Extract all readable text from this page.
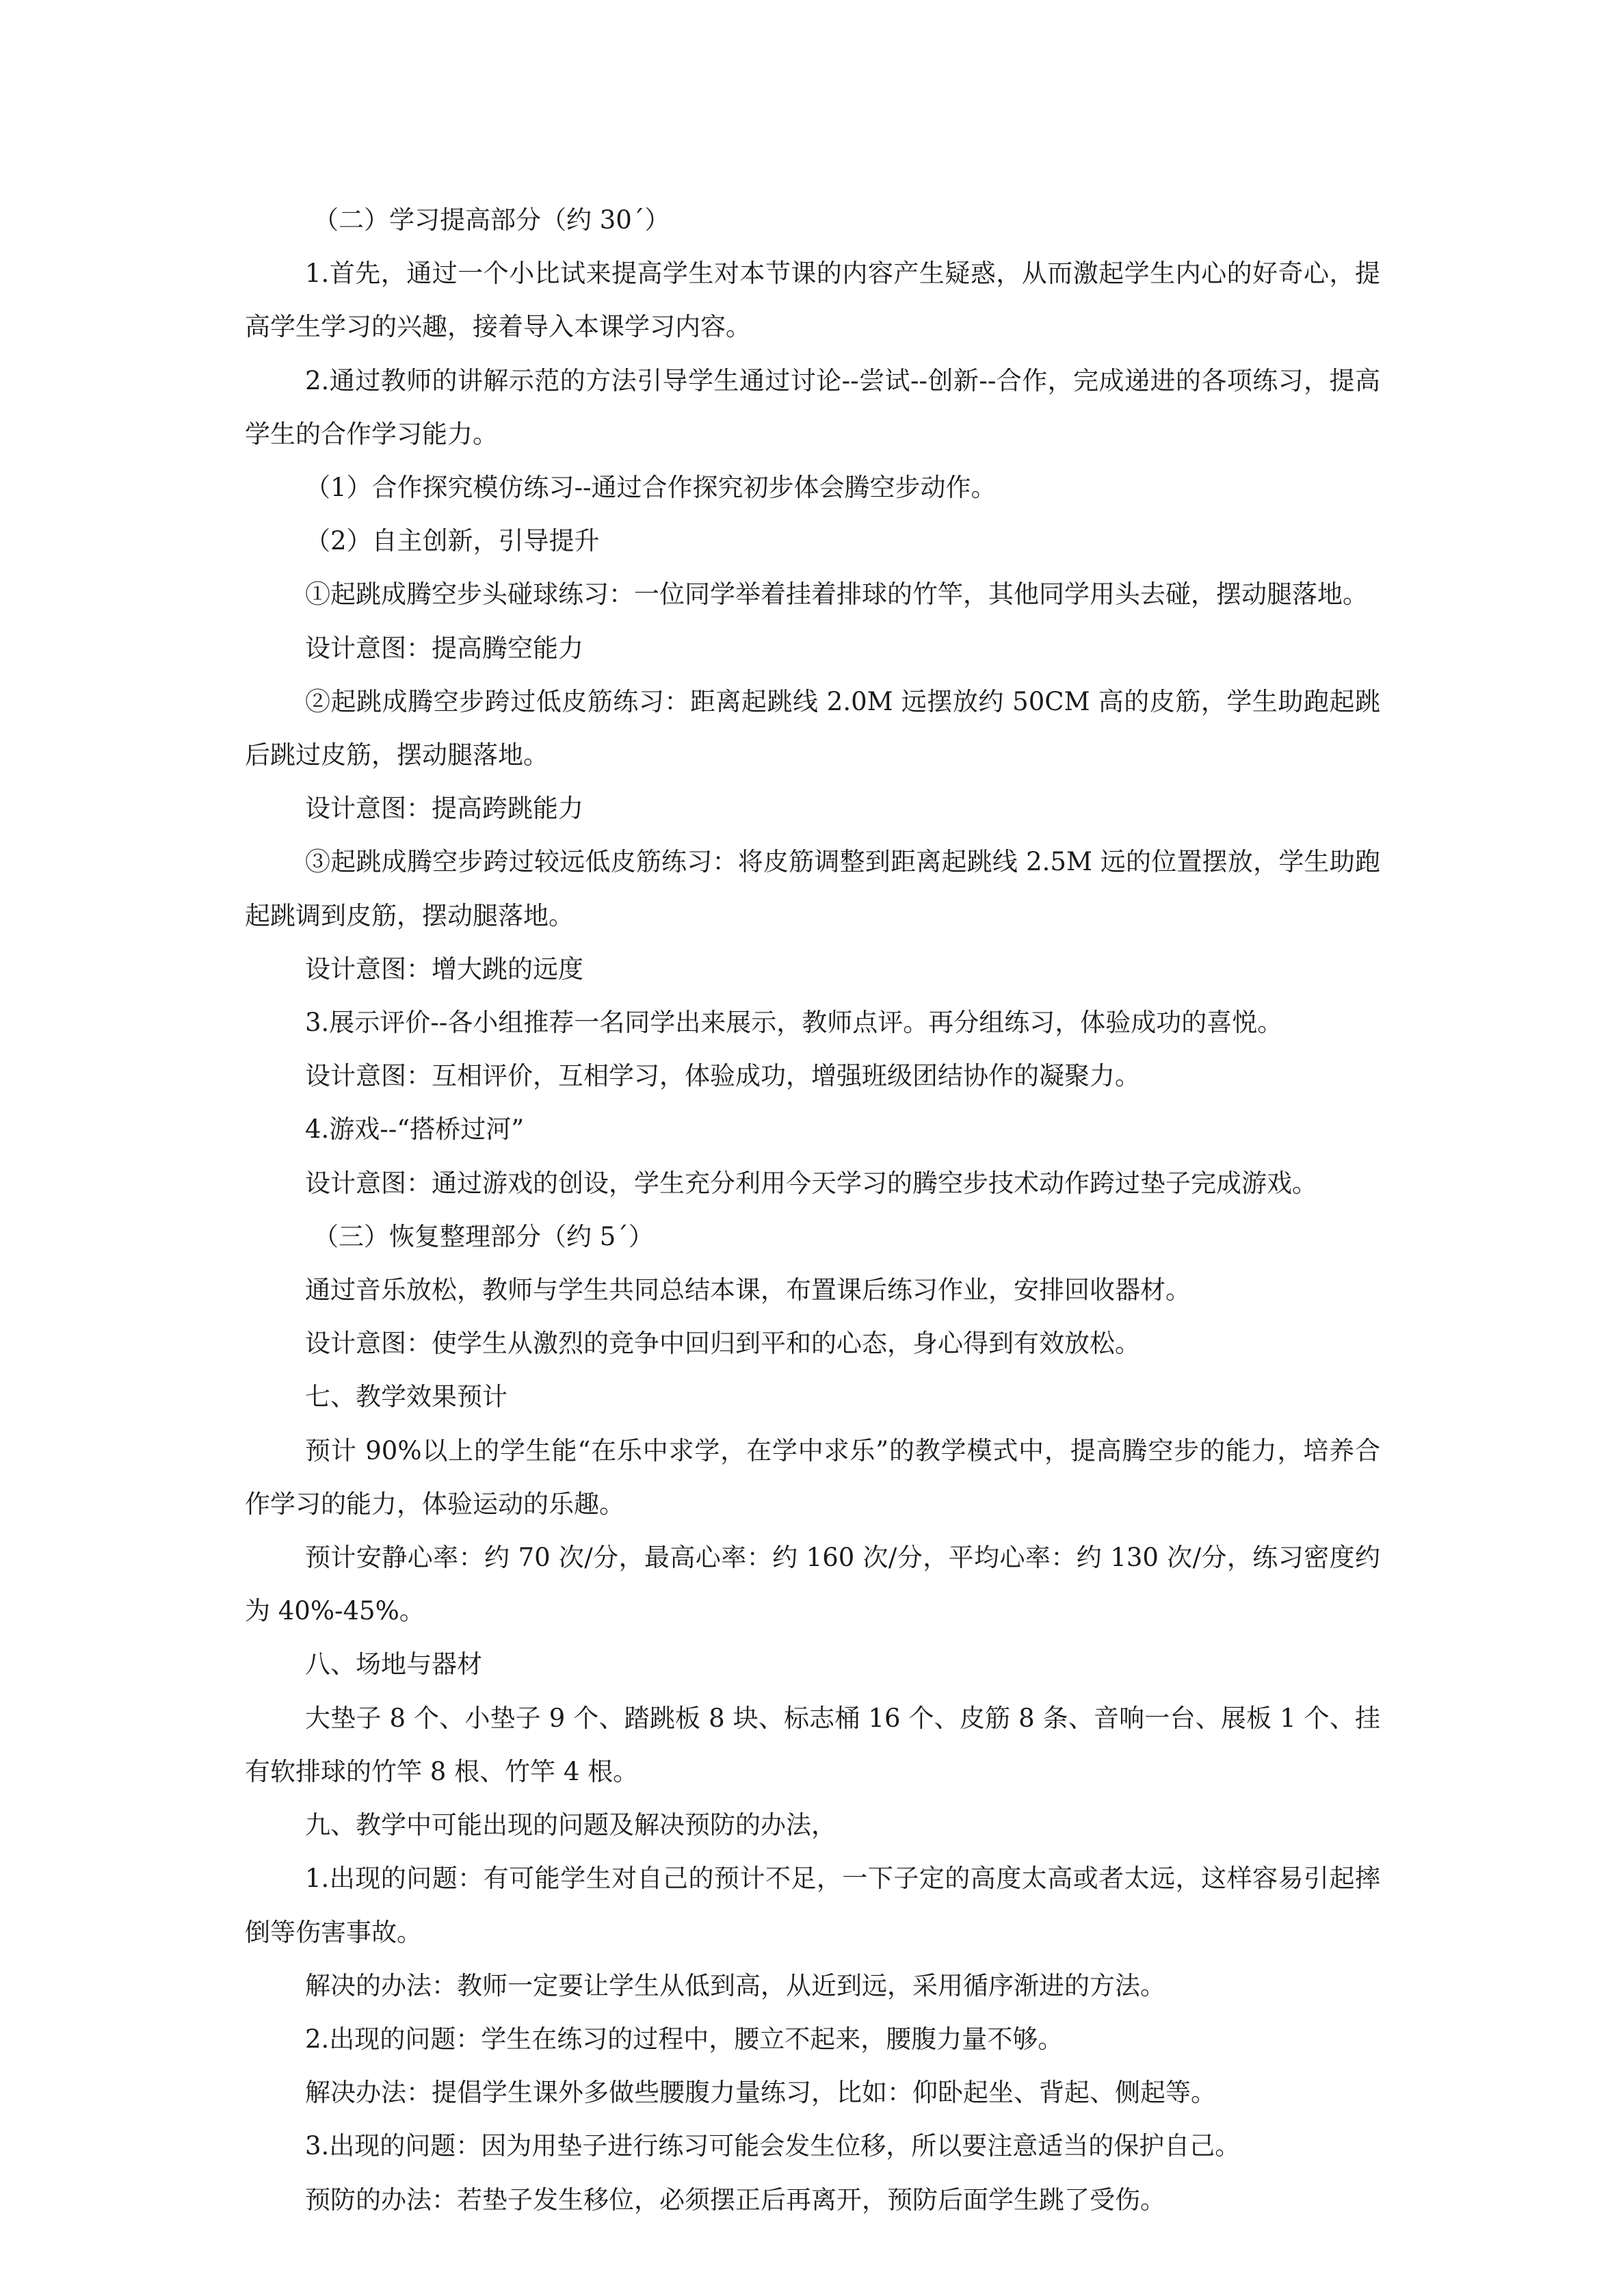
（二）学习提高部分（约 30´）

1.首先，通过一个小比试来提高学生对本节课的内容产生疑惑，从而激起学生内心的好奇心，提高学生学习的兴趣，接着导入本课学习内容。

2.通过教师的讲解示范的方法引导学生通过讨论--尝试--创新--合作，完成递进的各项练习，提高学生的合作学习能力。

（1）合作探究模仿练习--通过合作探究初步体会腾空步动作。

（2）自主创新，引导提升

①起跳成腾空步头碰球练习：一位同学举着挂着排球的竹竿，其他同学用头去碰，摆动腿落地。

设计意图：提高腾空能力

②起跳成腾空步跨过低皮筋练习：距离起跳线 2.0M 远摆放约 50CM 高的皮筋，学生助跑起跳后跳过皮筋，摆动腿落地。

设计意图：提高跨跳能力

③起跳成腾空步跨过较远低皮筋练习：将皮筋调整到距离起跳线 2.5M 远的位置摆放，学生助跑起跳调到皮筋，摆动腿落地。

设计意图：增大跳的远度

3.展示评价--各小组推荐一名同学出来展示，教师点评。再分组练习，体验成功的喜悦。

设计意图：互相评价，互相学习，体验成功，增强班级团结协作的凝聚力。

4.游戏--“搭桥过河”

设计意图：通过游戏的创设，学生充分利用今天学习的腾空步技术动作跨过垫子完成游戏。

（三）恢复整理部分（约 5´）

通过音乐放松，教师与学生共同总结本课，布置课后练习作业，安排回收器材。

设计意图：使学生从激烈的竞争中回归到平和的心态，身心得到有效放松。

七、教学效果预计

预计 90%以上的学生能“在乐中求学，在学中求乐”的教学模式中，提高腾空步的能力，培养合作学习的能力，体验运动的乐趣。

预计安静心率：约 70 次/分，最高心率：约 160 次/分，平均心率：约 130 次/分，练习密度约为 40%-45%。

八、场地与器材

大垫子 8 个、小垫子 9 个、踏跳板 8 块、标志桶 16 个、皮筋 8 条、音响一台、展板 1 个、挂有软排球的竹竿 8 根、竹竿 4 根。

九、教学中可能出现的问题及解决预防的办法，

1.出现的问题：有可能学生对自己的预计不足，一下子定的高度太高或者太远，这样容易引起摔倒等伤害事故。

解决的办法：教师一定要让学生从低到高，从近到远，采用循序渐进的方法。

2.出现的问题：学生在练习的过程中，腰立不起来，腰腹力量不够。

解决办法：提倡学生课外多做些腰腹力量练习，比如：仰卧起坐、背起、侧起等。

3.出现的问题：因为用垫子进行练习可能会发生位移，所以要注意适当的保护自己。

预防的办法：若垫子发生移位，必须摆正后再离开，预防后面学生跳了受伤。
